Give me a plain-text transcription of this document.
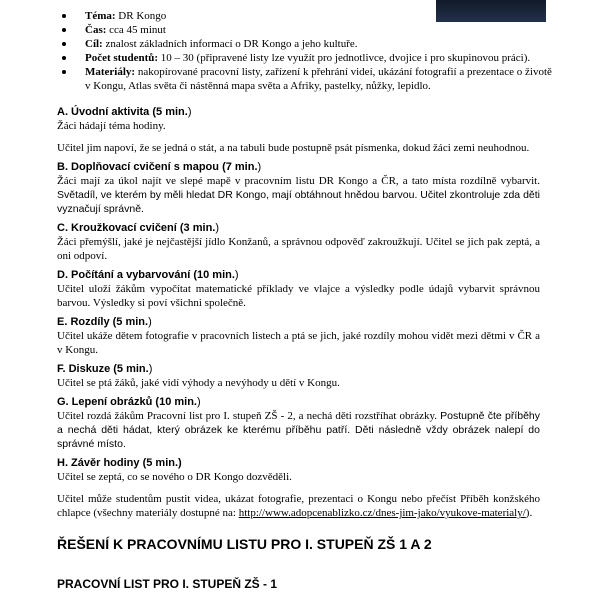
Téma: DR Kongo
Čas: cca 45 minut
Cíl: znalost základních informací o DR Kongo a jeho kultuře.
Počet studentů: 10 – 30 (připravené listy lze využít pro jednotlivce, dvojice i pro skupinovou práci).
Materiály: nakopírované pracovní listy, zařízení k přehrání videí, ukázání fotografií a prezentace o životě v Kongu, Atlas světa či nástěnná mapa světa a Afriky, pastelky, nůžky, lepidlo.
A. Úvodní aktivita (5 min.)
Žáci hádají téma hodiny.
Učitel jim napoví, že se jedná o stát, a na tabuli bude postupně psát písmenka, dokud žáci zemi neuhodnou.
B. Doplňovací cvičení s mapou (7 min.)
Žáci mají za úkol najít ve slepé mapě v pracovním listu DR Kongo a ČR, a tato místa rozdílně vybarvit. Světadíl, ve kterém by měli hledat DR Kongo, mají obtáhnout hnědou barvou. Učitel zkontroluje zda děti vyznačují správně.
C. Kroužkovací cvičení (3 min.)
Žáci přemýšlí, jaké je nejčastější jídlo Konžanů, a správnou odpověď zakroužkují. Učitel se jich pak zeptá, a oni odpoví.
D. Počítání a vybarvování (10 min.)
Učitel uloží žákům vypočítat matematické příklady ve vlajce a výsledky podle údajů vybarvit správnou barvou. Výsledky si poví všichni společně.
E. Rozdíly (5 min.)
Učitel ukáže dětem fotografie v pracovních listech a ptá se jich, jaké rozdíly mohou vidět mezi dětmi v ČR a v Kongu.
F. Diskuze (5 min.)
Učitel se ptá žáků, jaké vidí výhody a nevýhody u dětí v Kongu.
G. Lepení obrázků (10 min.)
Učitel rozdá žákům Pracovní list pro I. stupeň ZŠ - 2, a nechá děti rozstříhat obrázky. Postupně čte příběhy a nechá děti hádat, který obrázek ke kterému příběhu patří. Děti následně vždy obrázek nalepí do správné místo.
H. Závěr hodiny (5 min.)
Učitel se zeptá, co se nového o DR Kongo dozvěděli.
Učitel může studentům pustit videa, ukázat fotografie, prezentaci o Kongu nebo přečíst Příběh konžského chlapce (všechny materiály dostupné na: http://www.adopcenablizko.cz/dnes-jim-jako/vyukove-materialy/).
ŘEŠENÍ K PRACOVNÍMU LISTU PRO I. STUPEŇ ZŠ 1 A 2
PRACOVNÍ LIST PRO I. STUPEŇ ZŠ - 1
